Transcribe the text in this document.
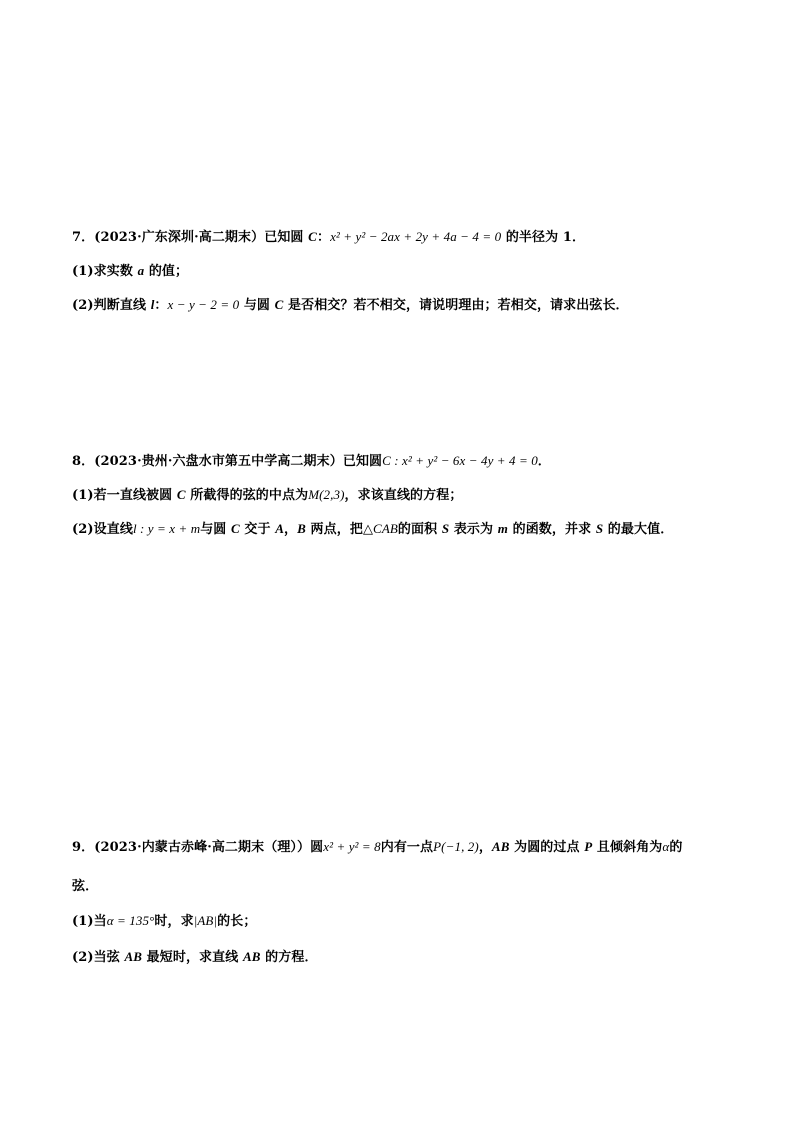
7．(2023·广东深圳·高二期末）已知圆 C：x² + y² − 2ax + 2y + 4a − 4 = 0 的半径为 1．
(1)求实数 a 的值；
(2)判断直线 l：x − y − 2 = 0 与圆 C 是否相交？若不相交，请说明理由；若相交，请求出弦长．
8．(2023·贵州·六盘水市第五中学高二期末）已知圆C : x² + y² − 6x − 4y + 4 = 0．
(1)若一直线被圆 C 所截得的弦的中点为M(2,3)，求该直线的方程；
(2)设直线l : y = x + m与圆 C 交于 A，B 两点，把△CAB的面积 S 表示为 m 的函数，并求 S 的最大值．
9．(2023·内蒙古赤峰·高二期末（理））圆x² + y² = 8内有一点P(−1, 2)，AB 为圆的过点 P 且倾斜角为α的
弦．
(1)当α = 135°时，求|AB|的长；
(2)当弦 AB 最短时，求直线 AB 的方程．
